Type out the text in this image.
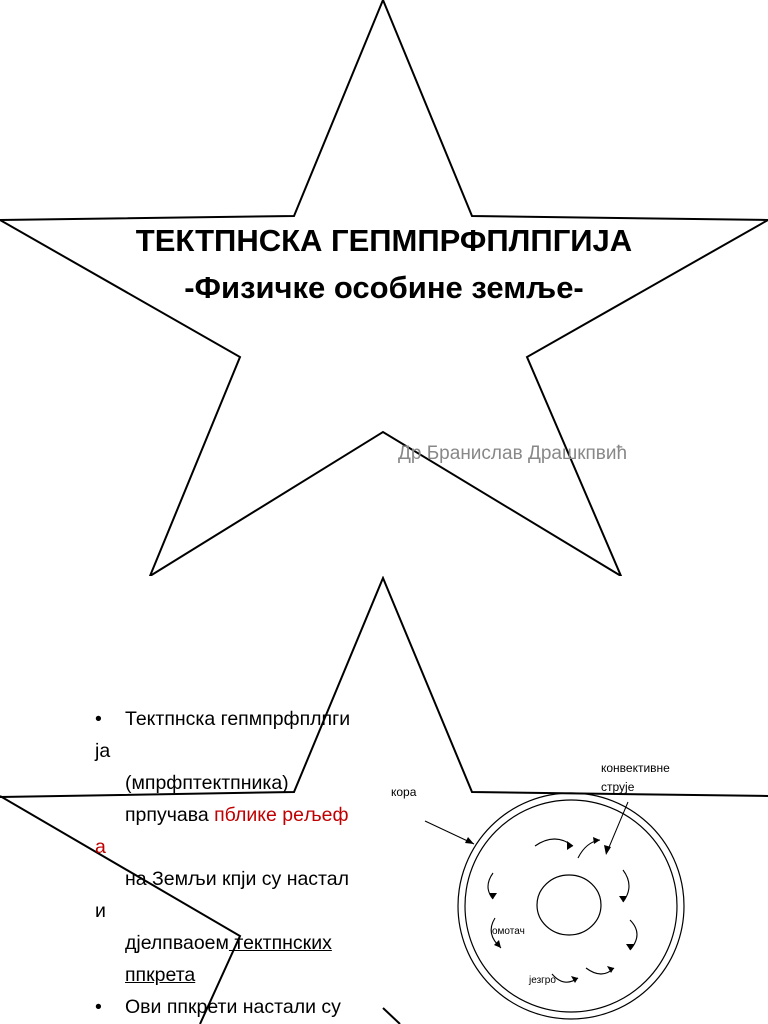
ТЕКТПНСКА ГЕПМПРФПЛПГИЈА
-Физичке особине земље-
Др Бранислав Драшкпвић
• Тектпнска гепмпрфплпги
ја
(мпрфптектпника)
прпучава пблике рељеф
а
на Земљи кпји су настал
и
дјелпваоем тектпнских
ппкрета
• Ови ппкрети настали су
кора
конвективне
струје
омотач
језгро
